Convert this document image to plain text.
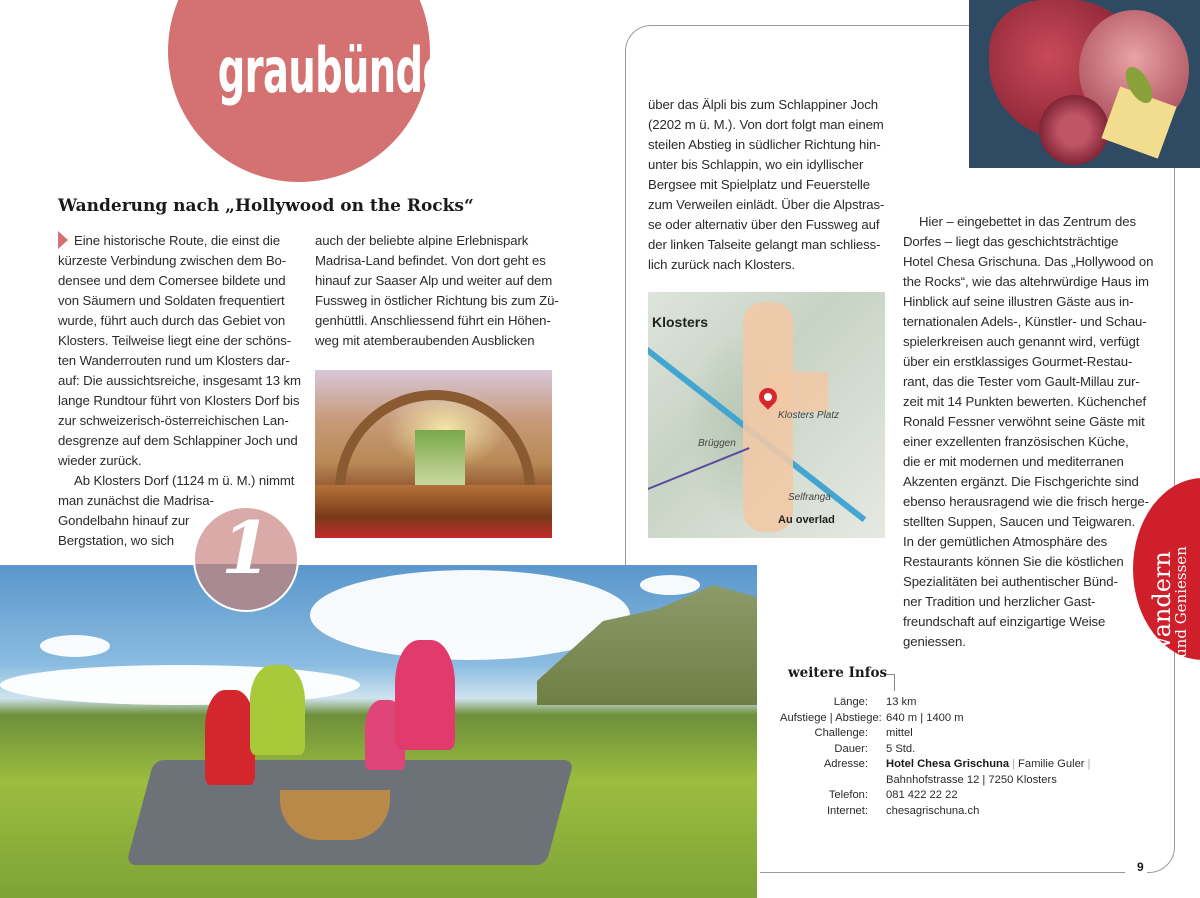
graubünden
Wanderung nach „Hollywood on the Rocks“

Eine historische Route, die einst die

kürzeste Verbindung zwischen dem Bo-

densee und dem Comersee bildete und

von Säumern und Soldaten frequentiert

wurde, führt auch durch das Gebiet von

Klosters. Teilweise liegt eine der schöns-

ten Wanderrouten rund um Klosters dar-

auf: Die aussichtsreiche, insgesamt 13 km

lange Rundtour führt von Klosters Dorf bis

zur schweizerisch-österreichischen Lan-

desgrenze auf dem Schlappiner Joch und

wieder zurück.

Ab Klosters Dorf (1124 m ü. M.) nimmt

man zunächst die Madrisa-

Gondelbahn hinauf zur

Bergstation, wo sich

auch der beliebte alpine Erlebnispark

Madrisa-Land befindet. Von dort geht es

hinauf zur Saaser Alp und weiter auf dem

Fussweg in östlicher Richtung bis zum Zü-

genhüttli. Anschliessend führt ein Höhen-

weg mit atemberaubenden Ausblicken

über das Älpli bis zum Schlappiner Joch

(2202 m ü. M.). Von dort folgt man einem

steilen Abstieg in südlicher Richtung hin-

unter bis Schlappin, wo ein idyllischer

Bergsee mit Spielplatz und Feuerstelle

zum Verweilen einlädt. Über die Alpstras-

se oder alternativ über den Fussweg auf

der linken Talseite gelangt man schliess-

lich zurück nach Klosters.

Klosters
Klosters Platz
Brüggen
Selfranga
Au overlad

Hier – eingebettet in das Zentrum des

Dorfes – liegt das geschichtsträchtige

Hotel Chesa Grischuna. Das „Hollywood on

the Rocks“, wie das altehrwürdige Haus im

Hinblick auf seine illustren Gäste aus in-

ternationalen Adels-, Künstler- und Schau-

spielerkreisen auch genannt wird, verfügt

über ein erstklassiges Gourmet-Restau-

rant, das die Tester vom Gault-Millau zur-

zeit mit 14 Punkten bewerten. Küchenchef

Ronald Fessner verwöhnt seine Gäste mit

einer exzellenten französischen Küche,

die er mit modernen und mediterranen

Akzenten ergänzt. Die Fischgerichte sind

ebenso herausragend wie die frisch herge-

stellten Suppen, Saucen und Teigwaren.

In der gemütlichen Atmosphäre des

Restaurants können Sie die köstlichen

Spezialitäten bei authentischer Bünd-

ner Tradition und herzlicher Gast-

freundschaft auf einzigartige Weise

geniessen.

1
Wandern
und Geniessen
weitere Infos
Länge:	13 km
Aufstiege | Abstiege: 640 m | 1400 m
Challenge:	mittel
Dauer:	5 Std.
Adresse:	Hotel Chesa Grischuna | Familie Guler |
Bahnhofstrasse 12 | 7250 Klosters
Telefon:	081 422 22 22
Internet:	chesagrischuna.ch
9
